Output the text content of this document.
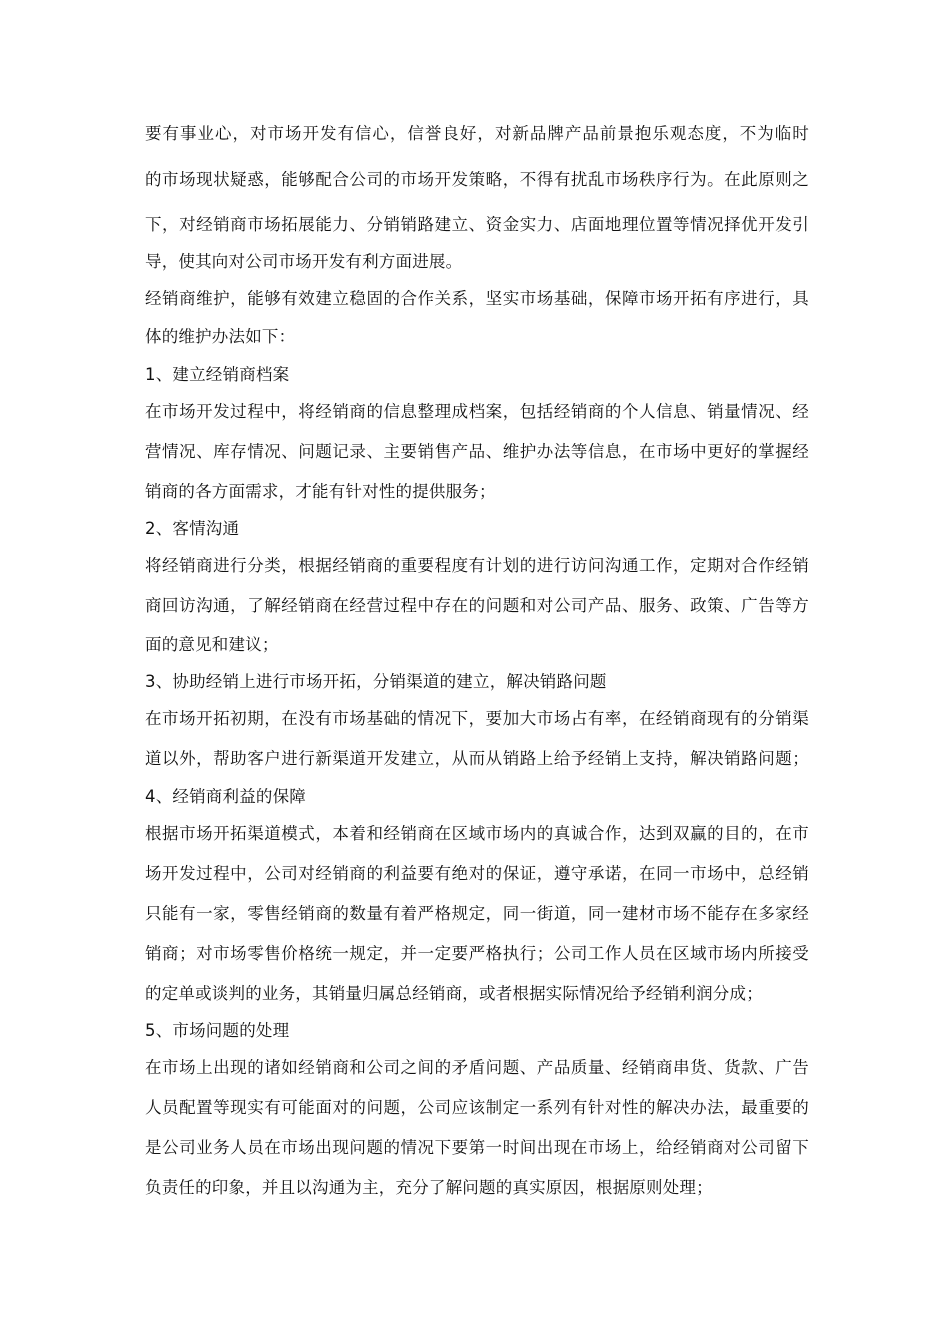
要有事业心，对市场开发有信心，信誉良好，对新品牌产品前景抱乐观态度，不为临时

的市场现状疑惑，能够配合公司的市场开发策略，不得有扰乱市场秩序行为。在此原则之

下，对经销商市场拓展能力、分销销路建立、资金实力、店面地理位置等情况择优开发引

导，使其向对公司市场开发有利方面进展。

经销商维护，能够有效建立稳固的合作关系，坚实市场基础，保障市场开拓有序进行，具

体的维护办法如下：

1、建立经销商档案

在市场开发过程中，将经销商的信息整理成档案，包括经销商的个人信息、销量情况、经

营情况、库存情况、问题记录、主要销售产品、维护办法等信息，在市场中更好的掌握经

销商的各方面需求，才能有针对性的提供服务；

2、客情沟通

将经销商进行分类，根据经销商的重要程度有计划的进行访问沟通工作，定期对合作经销

商回访沟通，了解经销商在经营过程中存在的问题和对公司产品、服务、政策、广告等方

面的意见和建议；

3、协助经销上进行市场开拓，分销渠道的建立，解决销路问题

在市场开拓初期，在没有市场基础的情况下，要加大市场占有率，在经销商现有的分销渠

道以外，帮助客户进行新渠道开发建立，从而从销路上给予经销上支持，解决销路问题；

4、经销商利益的保障

根据市场开拓渠道模式，本着和经销商在区域市场内的真诚合作，达到双赢的目的，在市

场开发过程中，公司对经销商的利益要有绝对的保证，遵守承诺，在同一市场中，总经销

只能有一家，零售经销商的数量有着严格规定，同一街道，同一建材市场不能存在多家经

销商；对市场零售价格统一规定，并一定要严格执行；公司工作人员在区域市场内所接受

的定单或谈判的业务，其销量归属总经销商，或者根据实际情况给予经销利润分成；

5、市场问题的处理

在市场上出现的诸如经销商和公司之间的矛盾问题、产品质量、经销商串货、货款、广告

人员配置等现实有可能面对的问题，公司应该制定一系列有针对性的解决办法，最重要的

是公司业务人员在市场出现问题的情况下要第一时间出现在市场上，给经销商对公司留下

负责任的印象，并且以沟通为主，充分了解问题的真实原因，根据原则处理；
